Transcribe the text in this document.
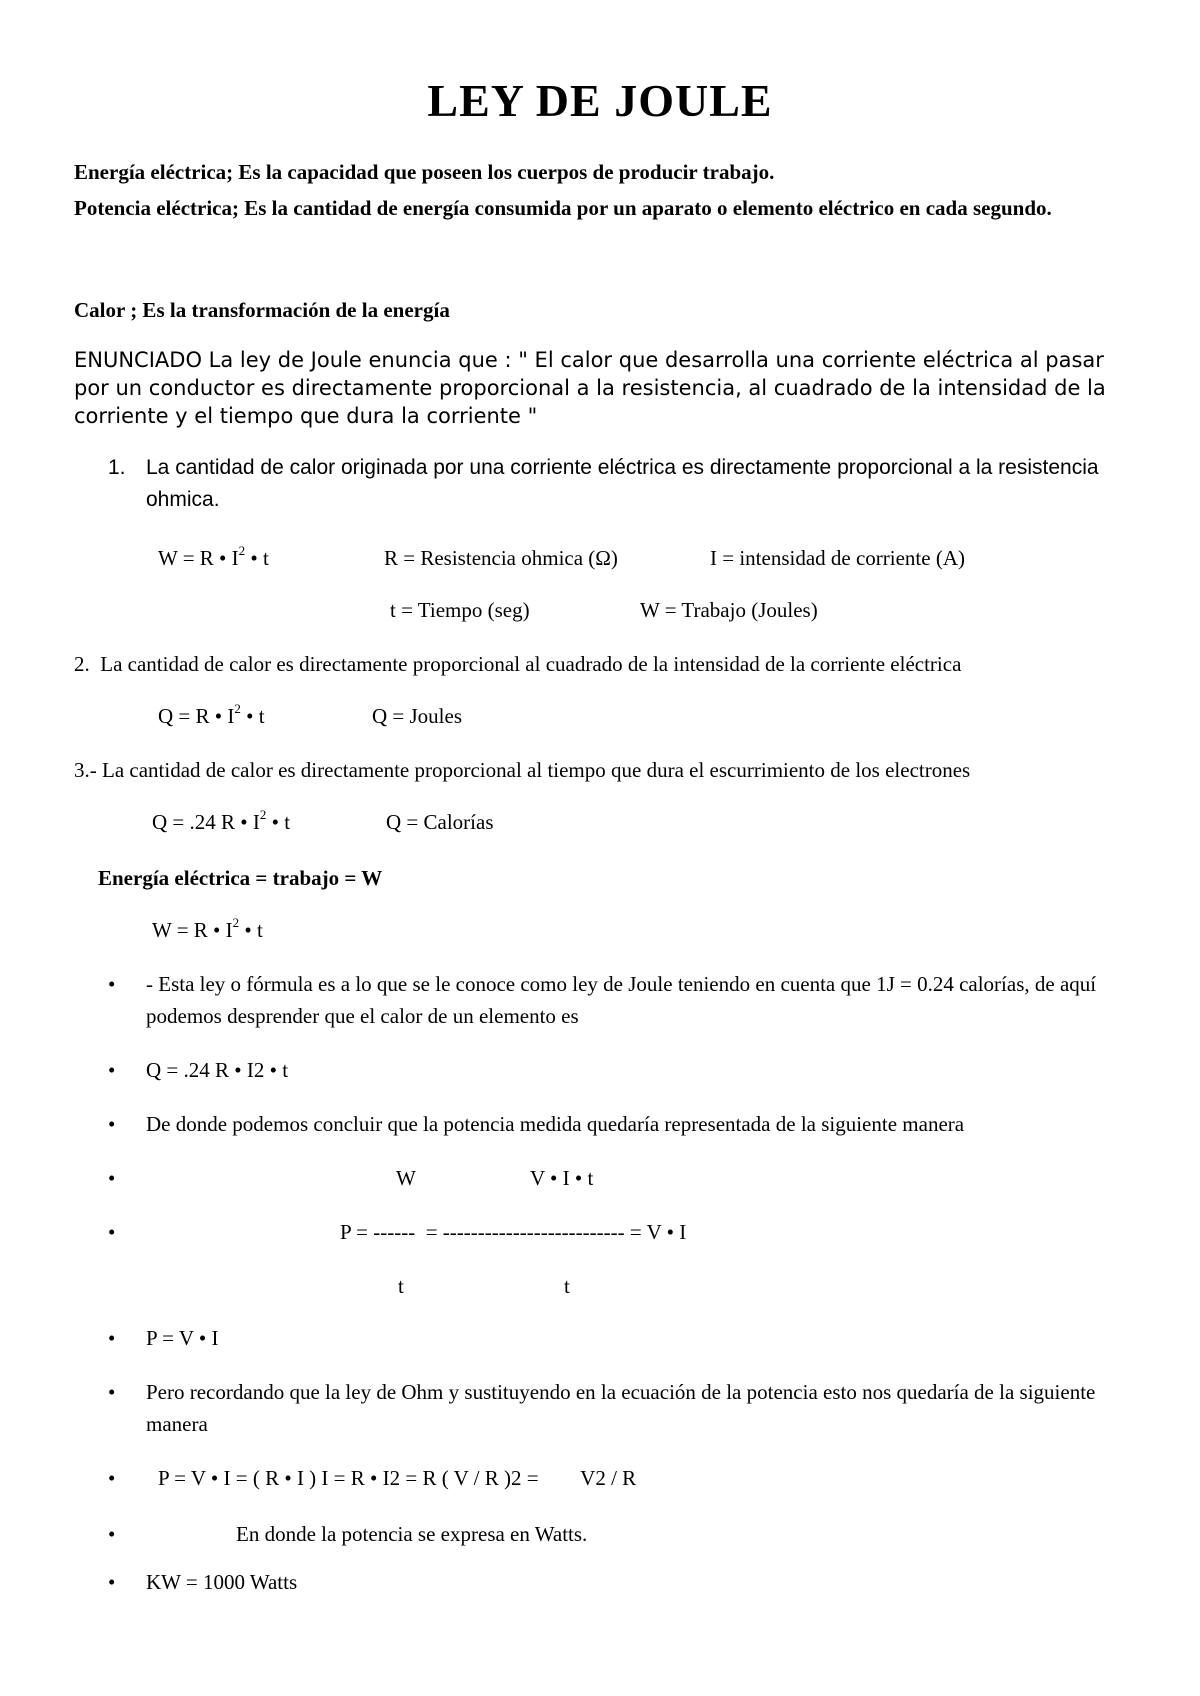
LEY DE JOULE
Energía eléctrica; Es la capacidad que poseen los cuerpos de producir trabajo.
Potencia eléctrica; Es la cantidad de energía consumida por un aparato o elemento eléctrico en cada segundo.
Calor ; Es la transformación de la energía
ENUNCIADO La ley de Joule enuncia que : " El calor que desarrolla una corriente eléctrica al pasar por un conductor es directamente proporcional a la resistencia, al cuadrado de la intensidad de la corriente y el tiempo que dura la corriente "
1. La cantidad de calor originada por una corriente eléctrica es directamente proporcional a la resistencia ohmica.
W = R • $I^2$ • t	R = Resistencia ohmica (Ω)	I = intensidad de corriente (A)
t = Tiempo (seg)	W = Trabajo (Joules)
2.  La cantidad de calor es directamente proporcional al cuadrado de la intensidad de la corriente eléctrica
Q = R • $I^2$ • t	Q = Joules
3.- La cantidad de calor es directamente proporcional al tiempo que dura el escurrimiento de los electrones
Q = .24 R • $I^2$ • t	Q = Calorías
Energía eléctrica = trabajo = W
W = R • $I^2$ • t
•	- Esta ley o fórmula es a lo que se le conoce como ley de Joule teniendo en cuenta que 1J = 0.24 calorías, de aquí podemos desprender que el calor de un elemento es
•	Q = .24 R • I2 • t
•	De donde podemos concluir que la potencia medida quedaría representada de la siguiente manera
•	W	V • I • t
•	P = ------  = -------------------------- = V • I
t	t
•	P = V • I
•	Pero recordando que la ley de Ohm y sustituyendo en la ecuación de la potencia esto nos quedaría de la siguiente manera
•	P = V • I = ( R • I ) I = R • I2 = R ( V / R )2 =        V2 / R
•	En donde la potencia se expresa en Watts.
•	KW = 1000 Watts
